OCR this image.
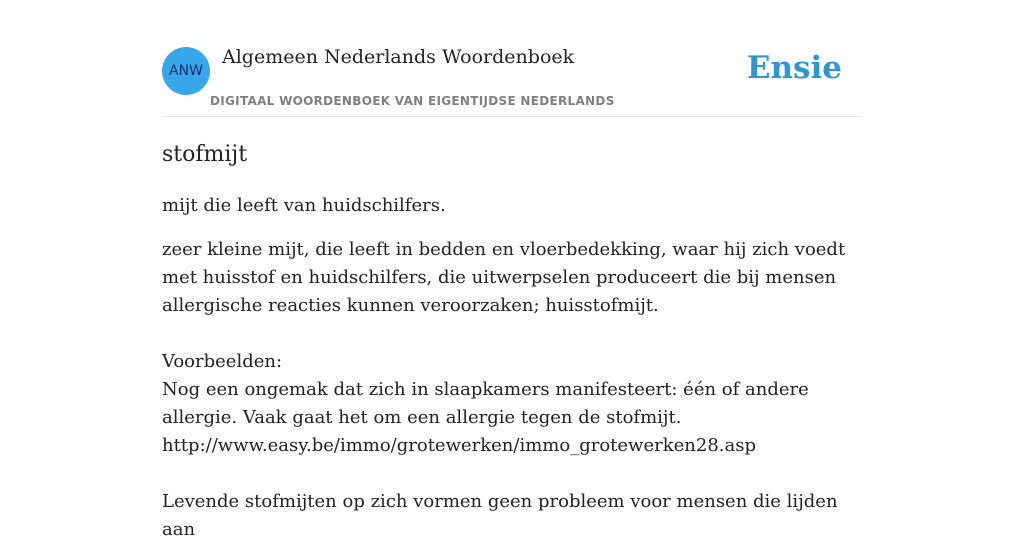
ANW
Algemeen Nederlands Woordenboek
DIGITAAL WOORDENBOEK VAN EIGENTIJDSE NEDERLANDS
Ensie
stofmijt

mijt die leeft van huidschilfers.

zeer kleine mijt, die leeft in bedden en vloerbedekking, waar hij zich voedt met huisstof en huidschilfers, die uitwerpselen produceert die bij mensen allergische reacties kunnen veroorzaken; huisstofmijt.

Voorbeelden:

Nog een ongemak dat zich in slaapkamers manifesteert: één of andere allergie. Vaak gaat het om een allergie tegen de stofmijt.
http://www.easy.be/immo/grotewerken/immo_grotewerken28.asp

Levende stofmijten op zich vormen geen probleem voor mensen die lijden aan
